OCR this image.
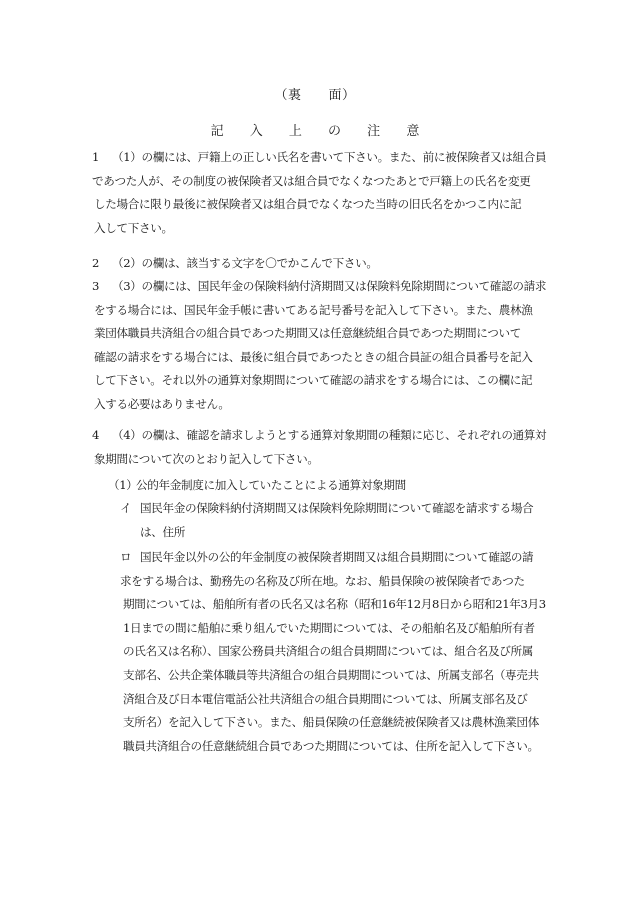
（裏　　面）
記 入 上 の 注 意
1 （1）の欄には、戸籍上の正しい氏名を書いて下さい。また、前に被保険者又は組合員
であつた人が、その制度の被保険者又は組合員でなくなつたあとで戸籍上の氏名を変更
した場合に限り最後に被保険者又は組合員でなくなつた当時の旧氏名をかつこ内に記
入して下さい。
2 （2）の欄は、該当する文字を〇でかこんで下さい。
3 （3）の欄には、国民年金の保険料納付済期間又は保険料免除期間について確認の請求
をする場合には、国民年金手帳に書いてある記号番号を記入して下さい。また、農林漁
業団体職員共済組合の組合員であつた期間又は任意継続組合員であつた期間について
確認の請求をする場合には、最後に組合員であつたときの組合員証の組合員番号を記入
して下さい。それ以外の通算対象期間について確認の請求をする場合には、この欄に記
入する必要はありません。
4 （4）の欄は、確認を請求しようとする通算対象期間の種類に応じ、それぞれの通算対
象期間について次のとおり記入して下さい。
（1）公的年金制度に加入していたことによる通算対象期間
イ 国民年金の保険料納付済期間又は保険料免除期間について確認を請求する場合
は、住所
ロ 国民年金以外の公的年金制度の被保険者期間又は組合員期間について確認の請
求をする場合は、勤務先の名称及び所在地。なお、船員保険の被保険者であつた
期間については、船舶所有者の氏名又は名称（昭和16年12月8日から昭和21年3月3
1日までの間に船舶に乗り組んでいた期間については、その船舶名及び船舶所有者
の氏名又は名称）、国家公務員共済組合の組合員期間については、組合名及び所属
支部名、公共企業体職員等共済組合の組合員期間については、所属支部名（専売共
済組合及び日本電信電話公社共済組合の組合員期間については、所属支部名及び
支所名）を記入して下さい。また、船員保険の任意継続被保険者又は農林漁業団体
職員共済組合の任意継続組合員であつた期間については、住所を記入して下さい。
